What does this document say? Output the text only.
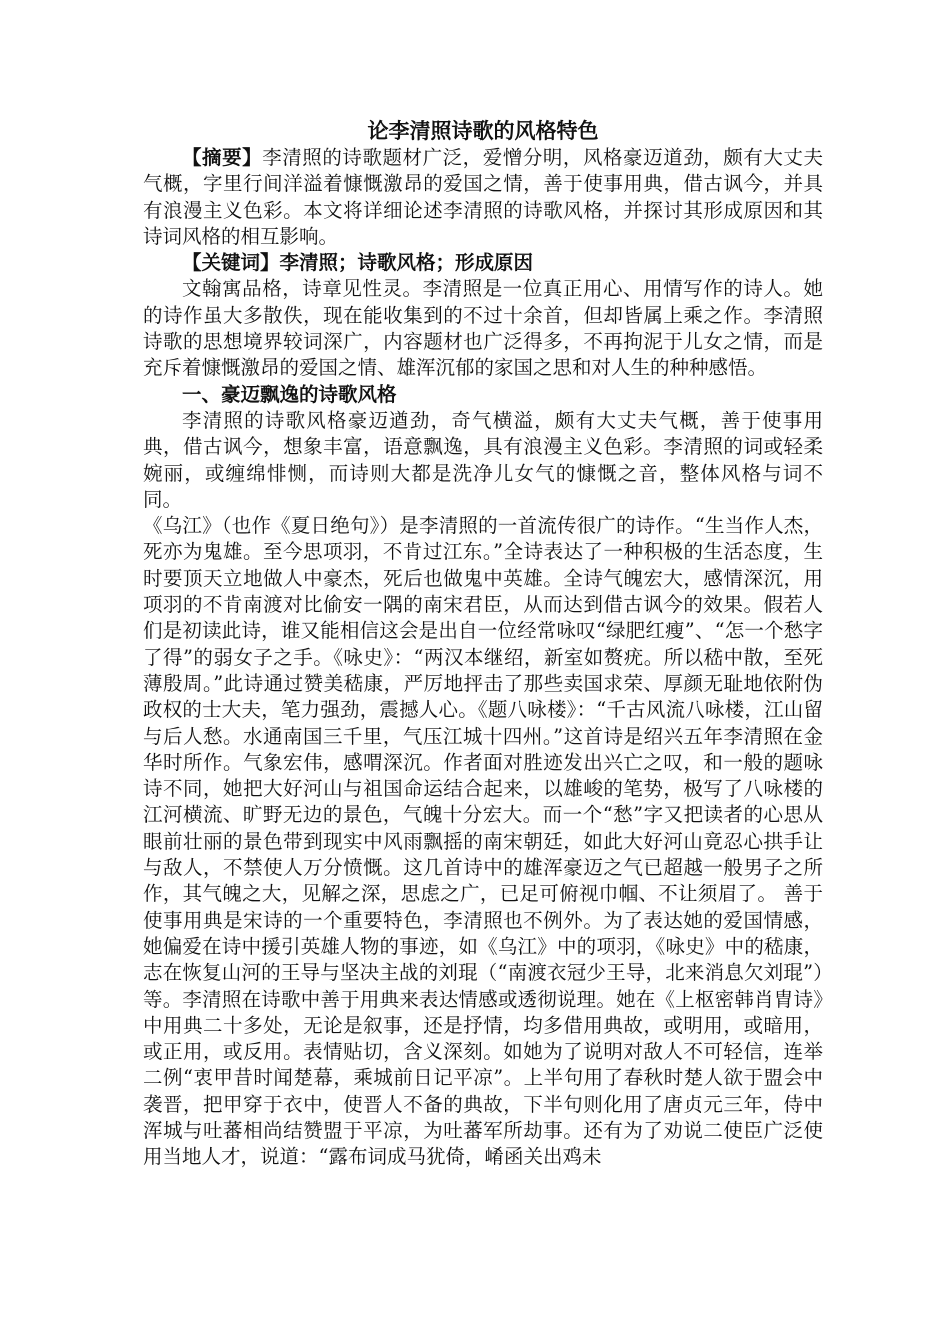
论李清照诗歌的风格特色

【摘要】李清照的诗歌题材广泛，爱憎分明，风格豪迈道劲，颇有大丈夫气概，字里行间洋溢着慷慨激昂的爱国之情，善于使事用典，借古讽今，并具有浪漫主义色彩。本文将详细论述李清照的诗歌风格，并探讨其形成原因和其诗词风格的相互影响。

【关键词】李清照；诗歌风格；形成原因

文翰寓品格，诗章见性灵。李清照是一位真正用心、用情写作的诗人。她的诗作虽大多散佚，现在能收集到的不过十余首，但却皆属上乘之作。李清照诗歌的思想境界较词深广，内容题材也广泛得多，不再拘泥于儿女之情，而是充斥着慷慨激昂的爱国之情、雄浑沉郁的家国之思和对人生的种种感悟。

一、豪迈飘逸的诗歌风格

李清照的诗歌风格豪迈遒劲，奇气横溢，颇有大丈夫气概，善于使事用典，借古讽今，想象丰富，语意飘逸，具有浪漫主义色彩。李清照的词或轻柔婉丽，或缠绵悱恻，而诗则大都是洗净儿女气的慷慨之音，整体风格与词不同。

《乌江》（也作《夏日绝句》）是李清照的一首流传很广的诗作。“生当作人杰，死亦为鬼雄。至今思项羽，不肯过江东。”全诗表达了一种积极的生活态度，生时要顶天立地做人中豪杰，死后也做鬼中英雄。全诗气魄宏大，感情深沉，用项羽的不肯南渡对比偷安一隅的南宋君臣，从而达到借古讽今的效果。假若人们是初读此诗，谁又能相信这会是出自一位经常咏叹“绿肥红瘦”、“怎一个愁字了得”的弱女子之手。《咏史》：“两汉本继绍，新室如赘疣。所以嵇中散，至死薄殷周。”此诗通过赞美嵇康，严厉地抨击了那些卖国求荣、厚颜无耻地依附伪政权的士大夫，笔力强劲，震撼人心。《题八咏楼》：“千古风流八咏楼，江山留与后人愁。水通南国三千里，气压江城十四州。”这首诗是绍兴五年李清照在金华时所作。气象宏伟，感喟深沉。作者面对胜迹发出兴亡之叹，和一般的题咏诗不同，她把大好河山与祖国命运结合起来，以雄峻的笔势，极写了八咏楼的江河横流、旷野无边的景色，气魄十分宏大。而一个“愁”字又把读者的心思从眼前壮丽的景色带到现实中风雨飘摇的南宋朝廷，如此大好河山竟忍心拱手让与敌人，不禁使人万分愤慨。这几首诗中的雄浑豪迈之气已超越一般男子之所作，其气魄之大，见解之深，思虑之广，已足可俯视巾帼、不让须眉了。 善于使事用典是宋诗的一个重要特色，李清照也不例外。为了表达她的爱国情感，她偏爱在诗中援引英雄人物的事迹，如《乌江》中的项羽，《咏史》中的嵇康，志在恢复山河的王导与坚决主战的刘琨（“南渡衣冠少王导，北来消息欠刘琨”）等。李清照在诗歌中善于用典来表达情感或透彻说理。她在《上枢密韩肖胄诗》中用典二十多处，无论是叙事，还是抒情，均多借用典故，或明用，或暗用，或正用，或反用。表情贴切，含义深刻。如她为了说明对敌人不可轻信，连举二例“衷甲昔时闻楚幕，乘城前日记平凉”。上半句用了春秋时楚人欲于盟会中袭晋，把甲穿于衣中，使晋人不备的典故，下半句则化用了唐贞元三年，侍中浑城与吐蕃相尚结赞盟于平凉，为吐蕃军所劫事。还有为了劝说二使臣广泛使用当地人才，说道：“露布词成马犹倚，崤函关出鸡未
